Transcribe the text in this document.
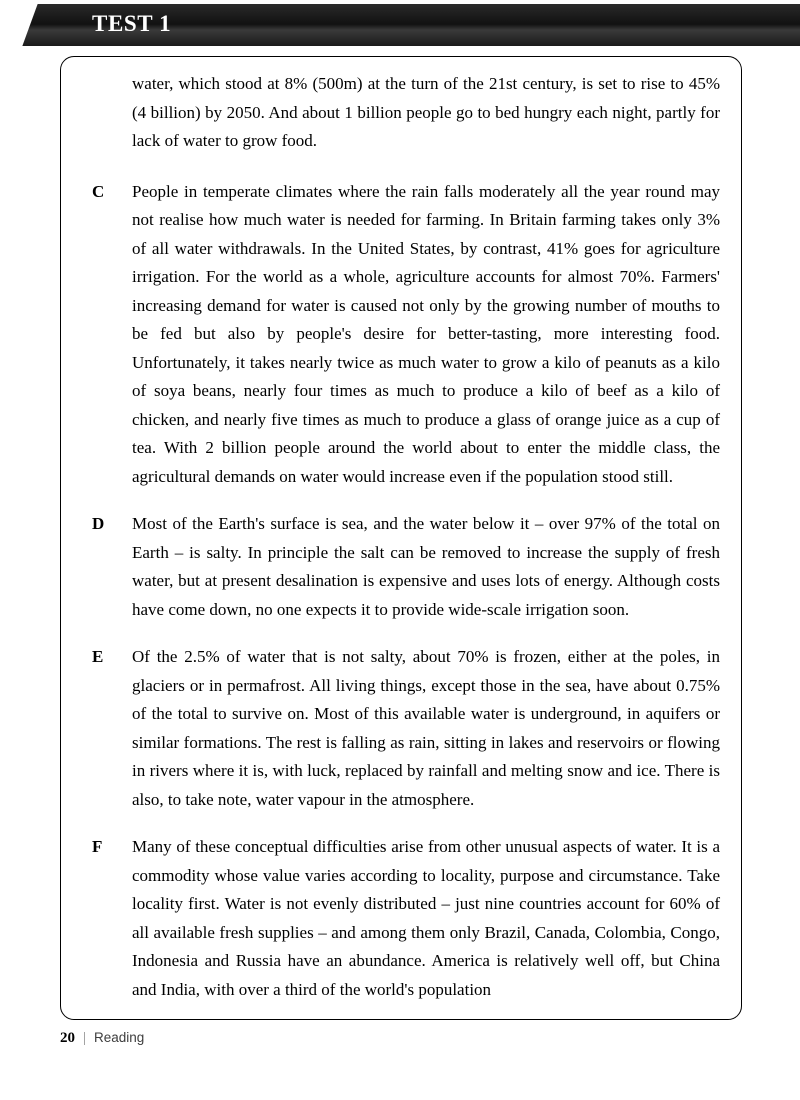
TEST 1
water, which stood at 8% (500m) at the turn of the 21st century, is set to rise to 45% (4 billion) by 2050. And about 1 billion people go to bed hungry each night, partly for lack of water to grow food.
C	People in temperate climates where the rain falls moderately all the year round may not realise how much water is needed for farming. In Britain farming takes only 3% of all water withdrawals. In the United States, by contrast, 41% goes for agriculture irrigation. For the world as a whole, agriculture accounts for almost 70%. Farmers' increasing demand for water is caused not only by the growing number of mouths to be fed but also by people's desire for better-tasting, more interesting food. Unfortunately, it takes nearly twice as much water to grow a kilo of peanuts as a kilo of soya beans, nearly four times as much to produce a kilo of beef as a kilo of chicken, and nearly five times as much to produce a glass of orange juice as a cup of tea. With 2 billion people around the world about to enter the middle class, the agricultural demands on water would increase even if the population stood still.
D	Most of the Earth's surface is sea, and the water below it – over 97% of the total on Earth – is salty. In principle the salt can be removed to increase the supply of fresh water, but at present desalination is expensive and uses lots of energy. Although costs have come down, no one expects it to provide wide-scale irrigation soon.
E	Of the 2.5% of water that is not salty, about 70% is frozen, either at the poles, in glaciers or in permafrost. All living things, except those in the sea, have about 0.75% of the total to survive on. Most of this available water is underground, in aquifers or similar formations. The rest is falling as rain, sitting in lakes and reservoirs or flowing in rivers where it is, with luck, replaced by rainfall and melting snow and ice. There is also, to take note, water vapour in the atmosphere.
F	Many of these conceptual difficulties arise from other unusual aspects of water. It is a commodity whose value varies according to locality, purpose and circumstance. Take locality first. Water is not evenly distributed – just nine countries account for 60% of all available fresh supplies – and among them only Brazil, Canada, Colombia, Congo, Indonesia and Russia have an abundance. America is relatively well off, but China and India, with over a third of the world's population
20 | Reading
